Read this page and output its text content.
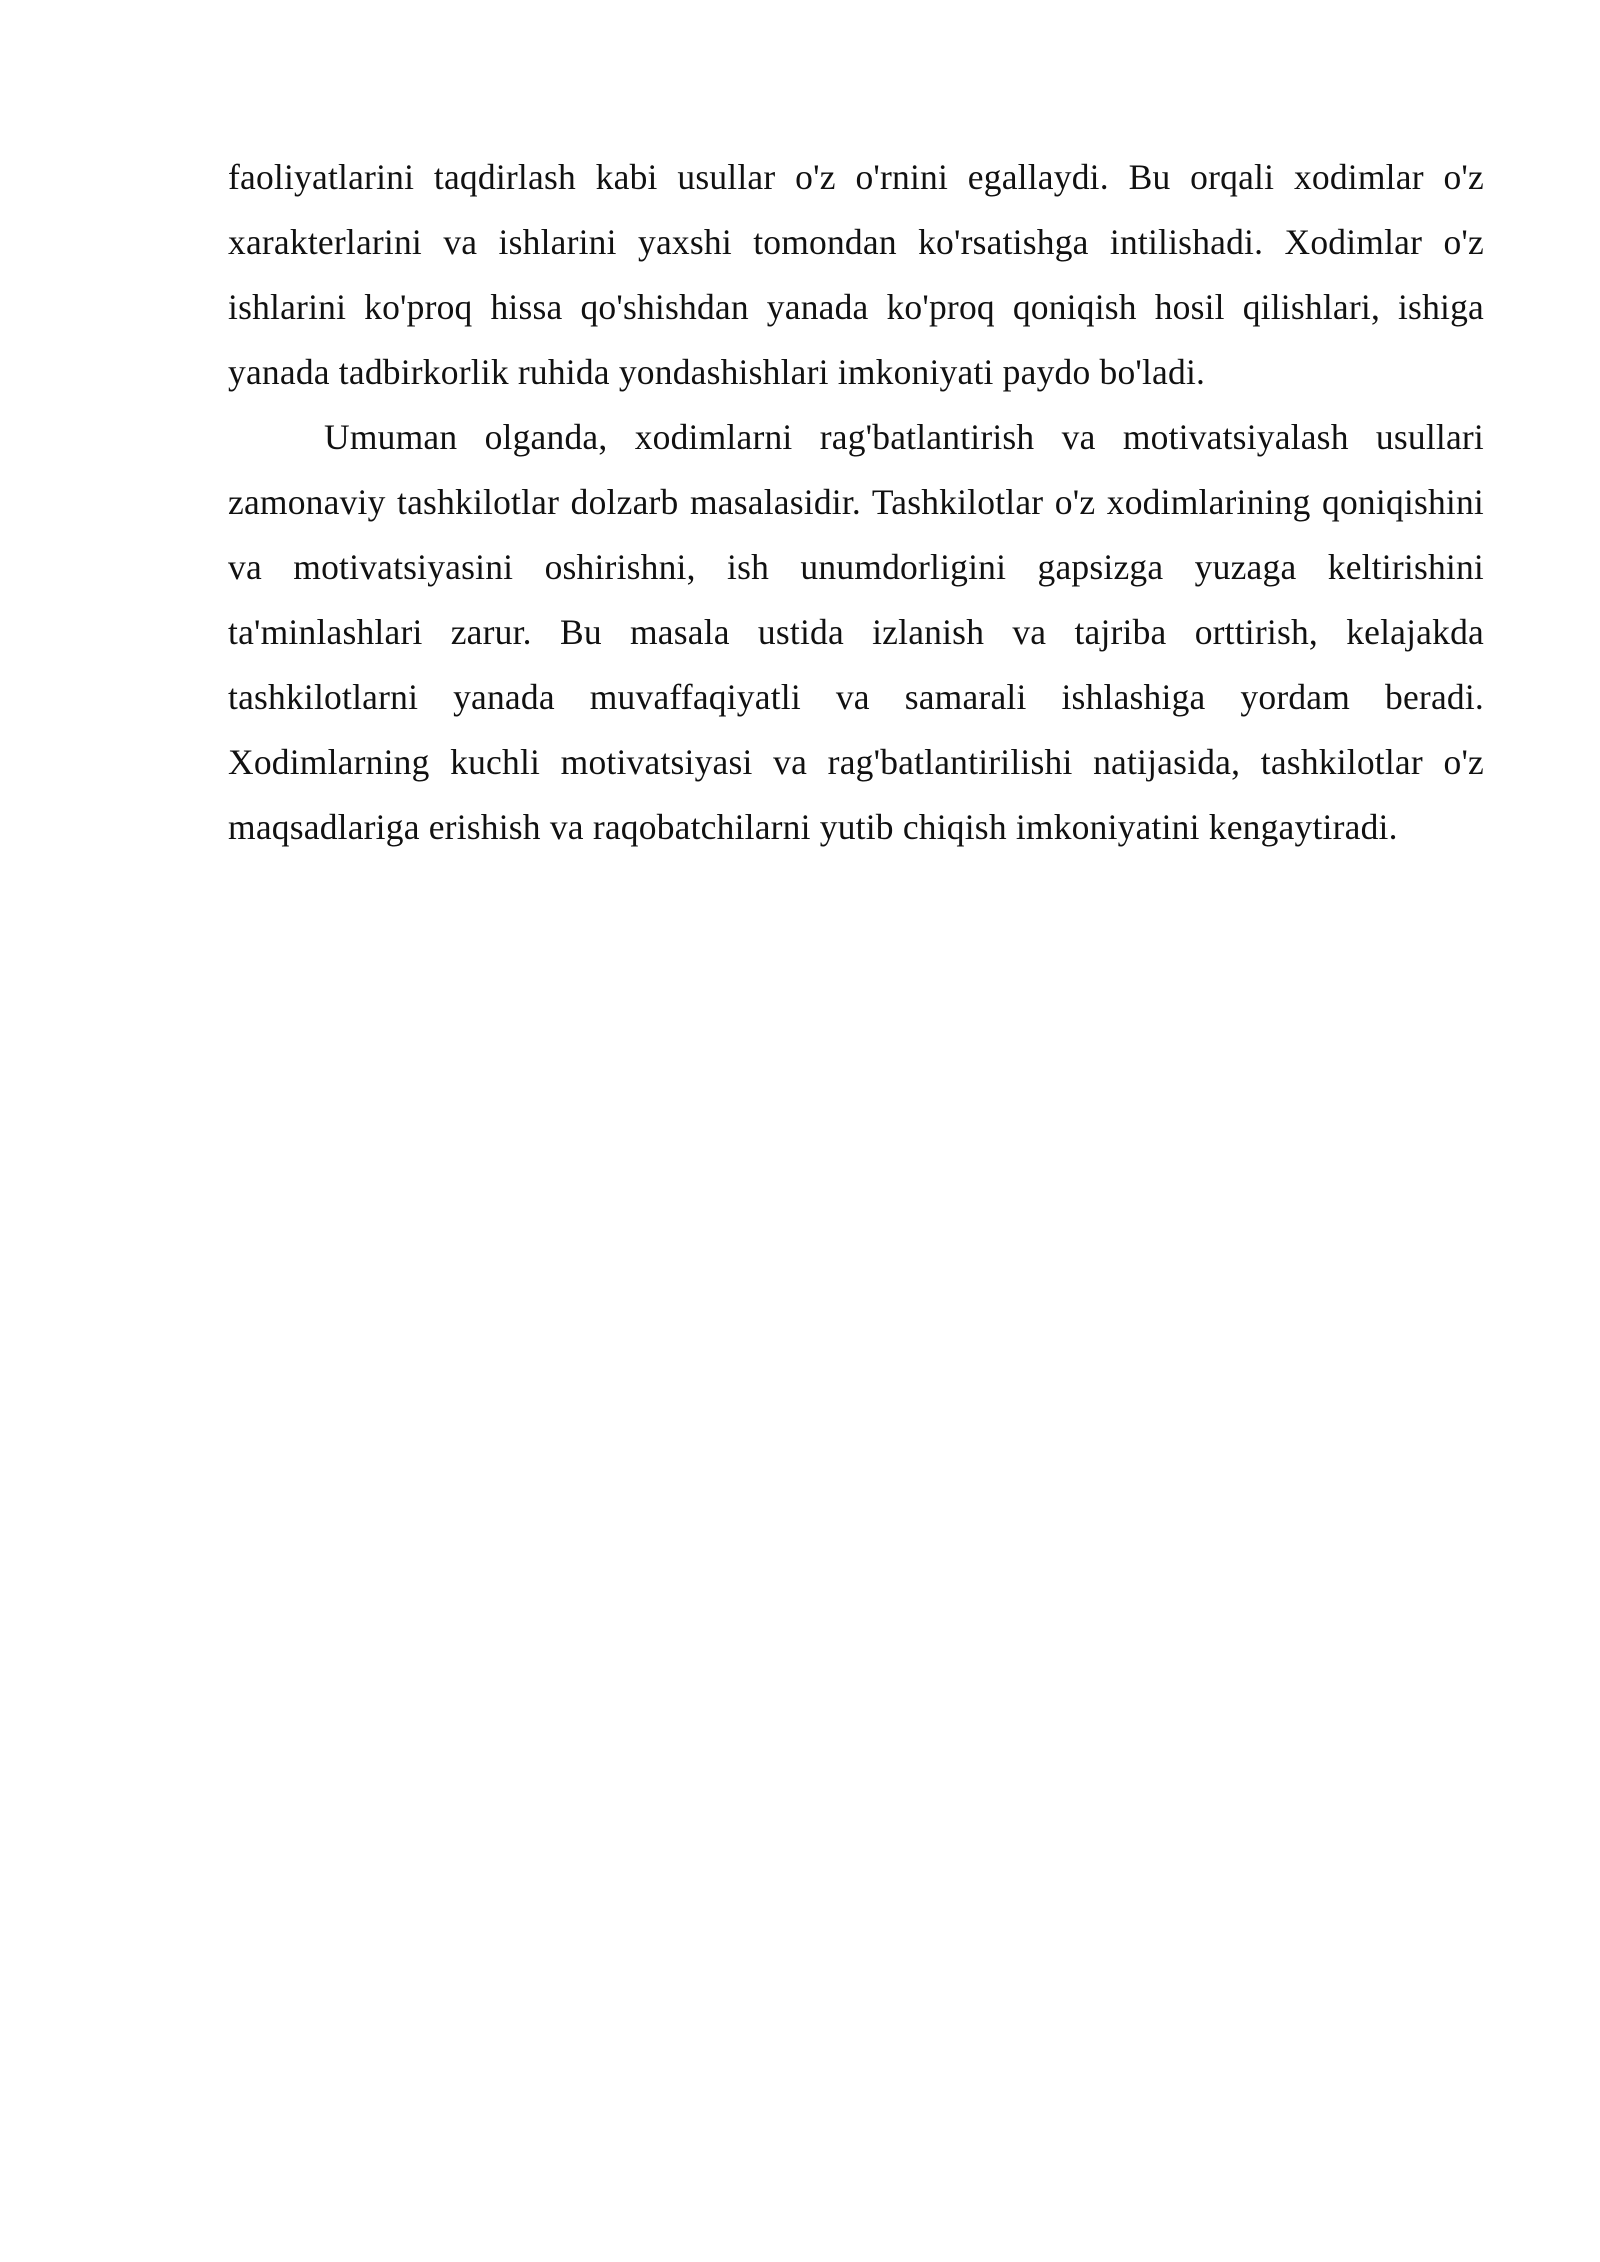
faoliyatlarini taqdirlash kabi usullar o'z o'rnini egallaydi. Bu orqali xodimlar o'z xarakterlarini va ishlarini yaxshi tomondan ko'rsatishga intilishadi. Xodimlar o'z ishlarini ko'proq hissa qo'shishdan yanada ko'proq qoniqish hosil qilishlari, ishiga yanada tadbirkorlik ruhida yondashishlari imkoniyati paydo bo'ladi.

Umuman olganda, xodimlarni rag'batlantirish va motivatsiyalash usullari zamonaviy tashkilotlar dolzarb masalasidir. Tashkilotlar o'z xodimlarining qoniqishini va motivatsiyasini oshirishni, ish unumdorligini gapsizga yuzaga keltirishini ta'minlashlari zarur. Bu masala ustida izlanish va tajriba orttirish, kelajakda tashkilotlarni yanada muvaffaqiyatli va samarali ishlashiga yordam beradi. Xodimlarning kuchli motivatsiyasi va rag'batlantirilishi natijasida, tashkilotlar o'z maqsadlariga erishish va raqobatchilarni yutib chiqish imkoniyatini kengaytiradi.
